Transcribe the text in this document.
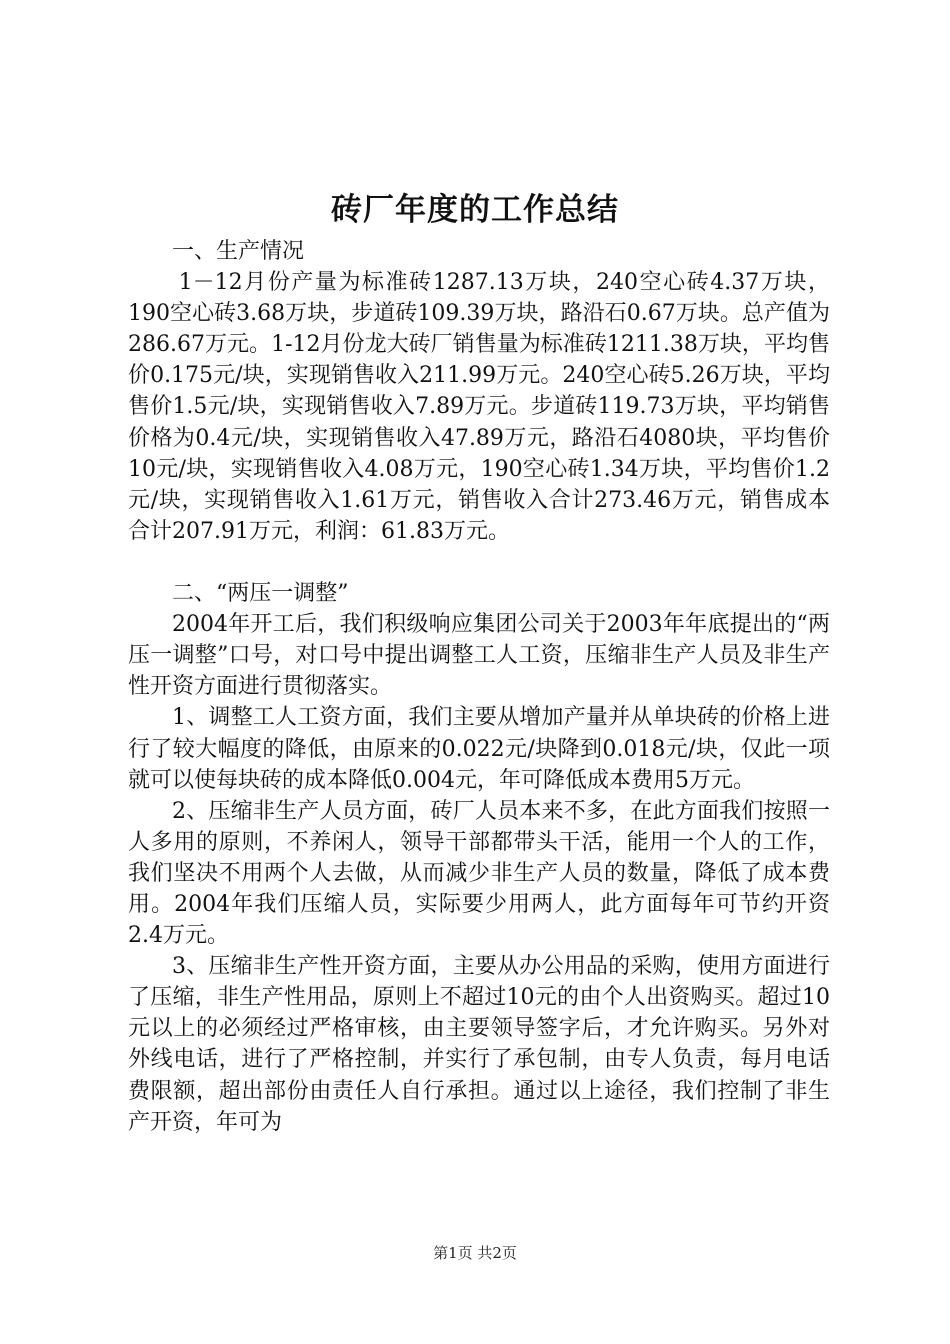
砖厂年度的工作总结

一、生产情况

1－12月份产量为标准砖1287.13万块，240空心砖4.37万块，190空心砖3.68万块，步道砖109.39万块，路沿石0.67万块。总产值为286.67万元。1-12月份龙大砖厂销售量为标准砖1211.38万块，平均售价0.175元/块，实现销售收入211.99万元。240空心砖5.26万块，平均售价1.5元/块，实现销售收入7.89万元。步道砖119.73万块，平均销售价格为0.4元/块，实现销售收入47.89万元，路沿石4080块，平均售价10元/块，实现销售收入4.08万元，190空心砖1.34万块，平均售价1.2元/块，实现销售收入1.61万元，销售收入合计273.46万元，销售成本合计207.91万元，利润：61.83万元。

二、“两压一调整”

2004年开工后，我们积级响应集团公司关于2003年年底提出的“两压一调整”口号，对口号中提出调整工人工资，压缩非生产人员及非生产性开资方面进行贯彻落实。

1、调整工人工资方面，我们主要从增加产量并从单块砖的价格上进行了较大幅度的降低，由原来的0.022元/块降到0.018元/块，仅此一项就可以使每块砖的成本降低0.004元，年可降低成本费用5万元。

2、压缩非生产人员方面，砖厂人员本来不多，在此方面我们按照一人多用的原则，不养闲人，领导干部都带头干活，能用一个人的工作，我们坚决不用两个人去做，从而减少非生产人员的数量，降低了成本费用。2004年我们压缩人员，实际要少用两人，此方面每年可节约开资2.4万元。

3、压缩非生产性开资方面，主要从办公用品的采购，使用方面进行了压缩，非生产性用品，原则上不超过10元的由个人出资购买。超过10元以上的必须经过严格审核，由主要领导签字后，才允许购买。另外对外线电话，进行了严格控制，并实行了承包制，由专人负责，每月电话费限额，超出部份由责任人自行承担。通过以上途径，我们控制了非生产开资，年可为

第1页 共2页
